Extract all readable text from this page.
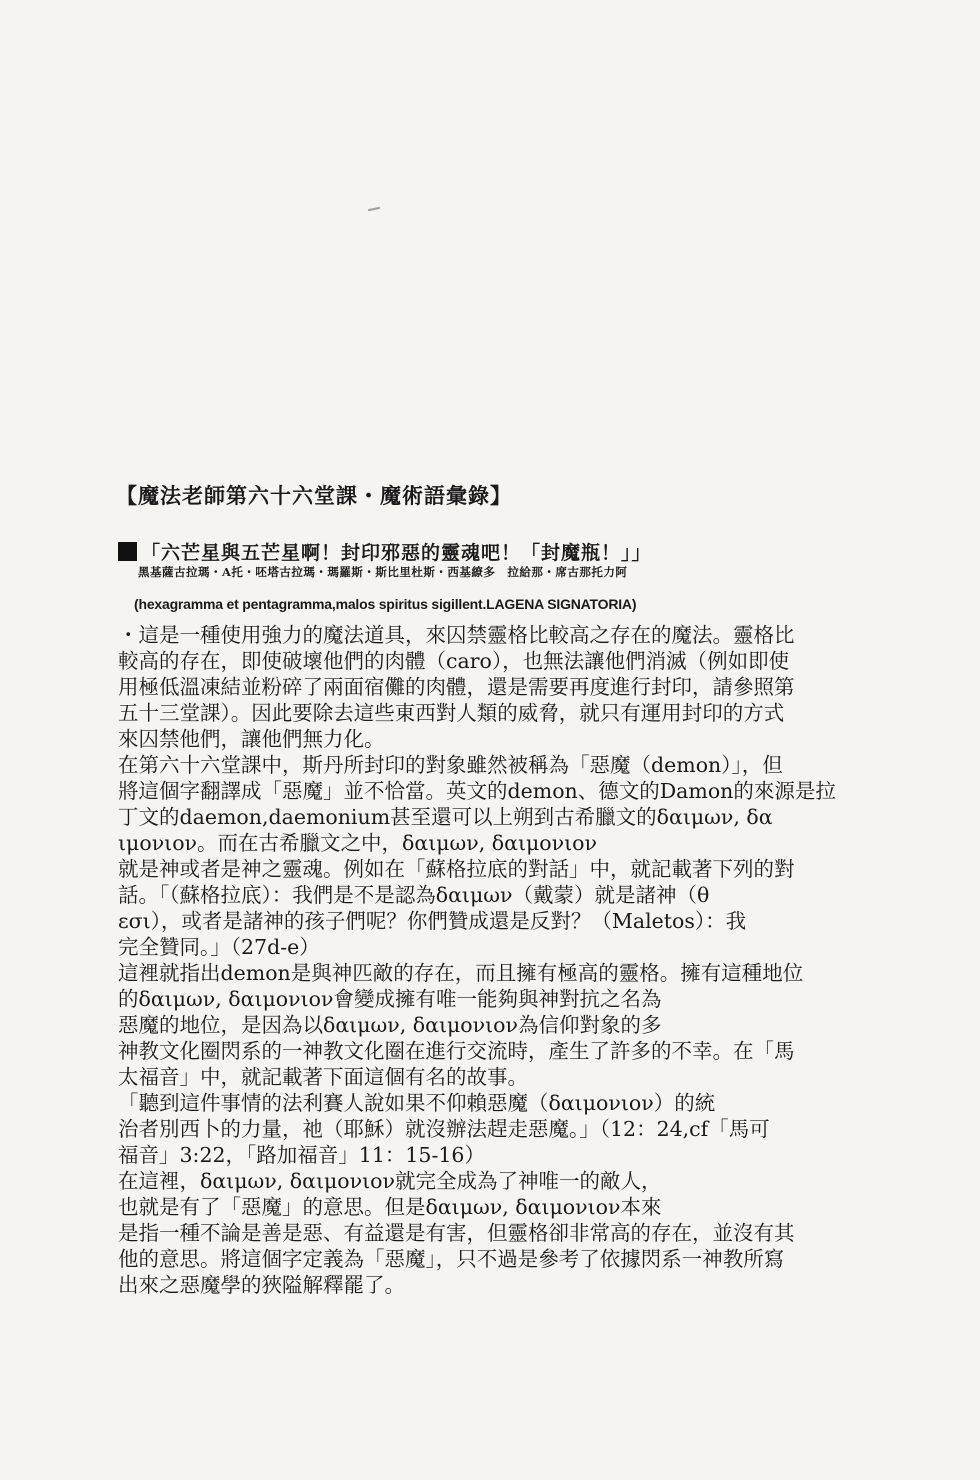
【魔法老師第六十六堂課・魔術語彙錄】
「六芒星與五芒星啊！封印邪惡的靈魂吧！「封魔瓶！」」
黑基薩古拉瑪・A托・呸塔古拉瑪・瑪羅斯・斯比里杜斯・西基繚多　拉給那・席古那托力阿
(hexagramma et pentagramma,malos spiritus sigillent.LAGENA SIGNATORIA)
・這是一種使用強力的魔法道具，來囚禁靈格比較高之存在的魔法。靈格比
較高的存在，即使破壞他們的肉體（caro），也無法讓他們消滅（例如即使
用極低溫凍結並粉碎了兩面宿儺的肉體，還是需要再度進行封印，請參照第
五十三堂課）。因此要除去這些東西對人類的威脅，就只有運用封印的方式
來囚禁他們，讓他們無力化。
在第六十六堂課中，斯丹所封印的對象雖然被稱為「惡魔（demon）」，但
將這個字翻譯成「惡魔」並不恰當。英文的demon、德文的Damon的來源是拉
丁文的daemon,daemonium甚至還可以上朔到古希臘文的δαιμων, δα
ιμονιον。而在古希臘文之中，δαιμων, δαιμονιον
就是神或者是神之靈魂。例如在「蘇格拉底的對話」中，就記載著下列的對
話。「（蘇格拉底）：我們是不是認為δαιμων（戴蒙）就是諸神（θ
εσι），或者是諸神的孩子們呢？你們贊成還是反對？（Maletos）：我
完全贊同。」（27d-e）
這裡就指出demon是與神匹敵的存在，而且擁有極高的靈格。擁有這種地位
的δαιμων, δαιμονιον會變成擁有唯一能夠與神對抗之名為
惡魔的地位，是因為以δαιμων, δαιμονιον為信仰對象的多
神教文化圈閃系的一神教文化圈在進行交流時，產生了許多的不幸。在「馬
太福音」中，就記載著下面這個有名的故事。
「聽到這件事情的法利賽人說如果不仰賴惡魔（δαιμονιον）的統
治者別西卜的力量，祂（耶穌）就沒辦法趕走惡魔。」（12：24,cf「馬可
福音」3:22，「路加福音」11：15-16）
在這裡，δαιμων, δαιμονιον就完全成為了神唯一的敵人，
也就是有了「惡魔」的意思。但是δαιμων, δαιμονιον本來
是指一種不論是善是惡、有益還是有害，但靈格卻非常高的存在，並沒有其
他的意思。將這個字定義為「惡魔」，只不過是參考了依據閃系一神教所寫
出來之惡魔學的狹隘解釋罷了。
